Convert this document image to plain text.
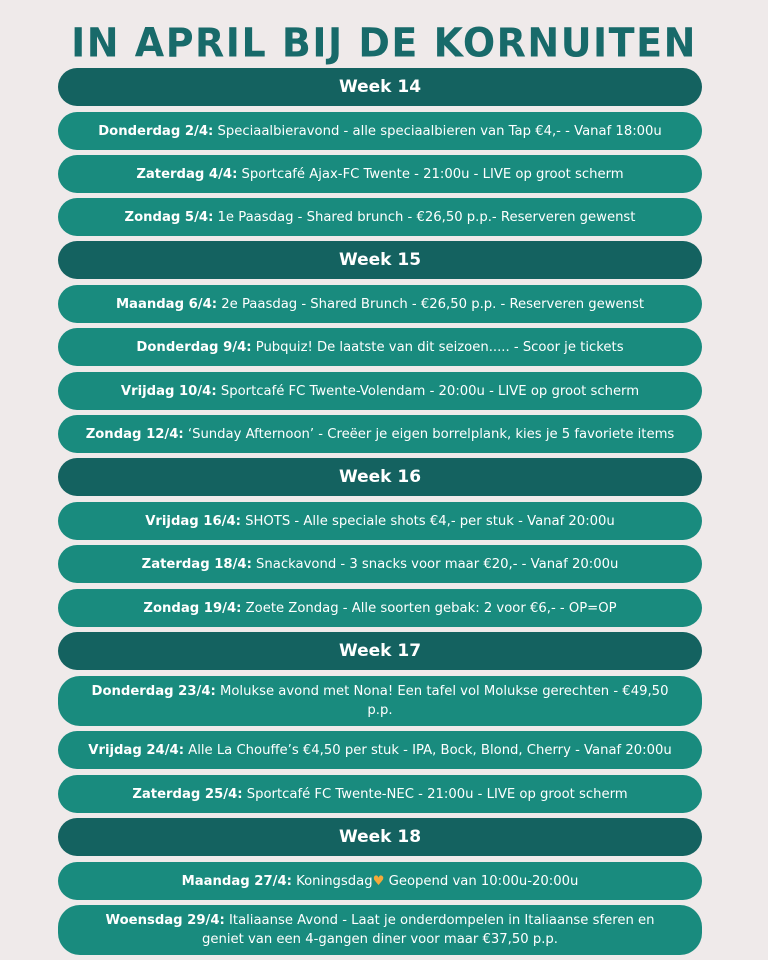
IN APRIL BIJ DE KORNUITEN
Week 14
Donderdag 2/4: Speciaalbieravond - alle speciaalbieren van Tap €4,- - Vanaf 18:00u
Zaterdag 4/4: Sportcafé Ajax-FC Twente - 21:00u - LIVE op groot scherm
Zondag 5/4: 1e Paasdag - Shared brunch - €26,50 p.p.- Reserveren gewenst
Week 15
Maandag 6/4: 2e Paasdag - Shared Brunch - €26,50 p.p. - Reserveren gewenst
Donderdag 9/4: Pubquiz! De laatste van dit seizoen..... - Scoor je tickets
Vrijdag 10/4: Sportcafé FC Twente-Volendam - 20:00u - LIVE op groot scherm
Zondag 12/4: ‘Sunday Afternoon’ - Creëer je eigen borrelplank, kies je 5 favoriete items
Week 16
Vrijdag 16/4: SHOTS - Alle speciale shots €4,- per stuk - Vanaf 20:00u
Zaterdag 18/4: Snackavond - 3 snacks voor maar €20,- - Vanaf 20:00u
Zondag 19/4: Zoete Zondag - Alle soorten gebak: 2 voor €6,- - OP=OP
Week 17
Donderdag 23/4: Molukse avond met Nona! Een tafel vol Molukse gerechten - €49,50 p.p.
Vrijdag 24/4: Alle La Chouffe’s €4,50 per stuk - IPA, Bock, Blond, Cherry - Vanaf 20:00u
Zaterdag 25/4: Sportcafé FC Twente-NEC - 21:00u - LIVE op groot scherm
Week 18
Maandag 27/4: Koningsdag♥ Geopend van 10:00u-20:00u
Woensdag 29/4: Italiaanse Avond - Laat je onderdompelen in Italiaanse sferen en geniet van een 4-gangen diner voor maar €37,50 p.p.
